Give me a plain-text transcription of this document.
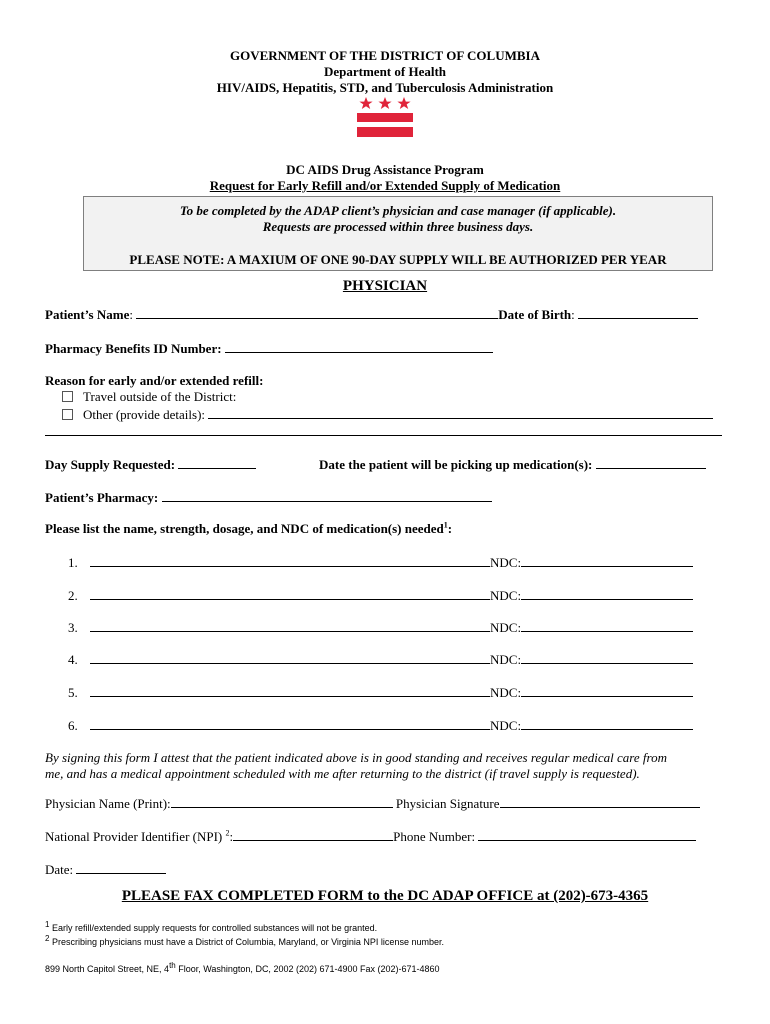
GOVERNMENT OF THE DISTRICT OF COLUMBIA
Department of Health
HIV/AIDS, Hepatitis, STD, and Tuberculosis Administration
DC AIDS Drug Assistance Program
Request for Early Refill and/or Extended Supply of Medication
To be completed by the ADAP client’s physician and case manager (if applicable).
Requests are processed within three business days.
PLEASE NOTE: A MAXIUM OF ONE 90-DAY SUPPLY WILL BE AUTHORIZED PER YEAR
PHYSICIAN
Patient’s Name:	Date of Birth:
Pharmacy Benefits ID Number:
Reason for early and/or extended refill:
Travel outside of the District:
Other (provide details):
Day Supply Requested:	Date the patient will be picking up medication(s):
Patient’s Pharmacy:
Please list the name, strength, dosage, and NDC of medication(s) needed$^1$:
1.	NDC:
2.	NDC:
3.	NDC:
4.	NDC:
5.	NDC:
6.	NDC:
By signing this form I attest that the patient indicated above is in good standing and receives regular medical care from
me, and has a medical appointment scheduled with me after returning to the district (if travel supply is requested).
Physician Name (Print):	Physician Signature
National Provider Identifier (NPI) $^2$:	Phone Number:
Date:
PLEASE FAX COMPLETED FORM to the DC ADAP OFFICE at (202)-673-4365
$^1$ Early refill/extended supply requests for controlled substances will not be granted.
$^2$ Prescribing physicians must have a District of Columbia, Maryland, or Virginia NPI license number.
899 North Capitol Street, NE, 4th Floor, Washington, DC, 2002 (202) 671-4900 Fax (202)-671-4860
